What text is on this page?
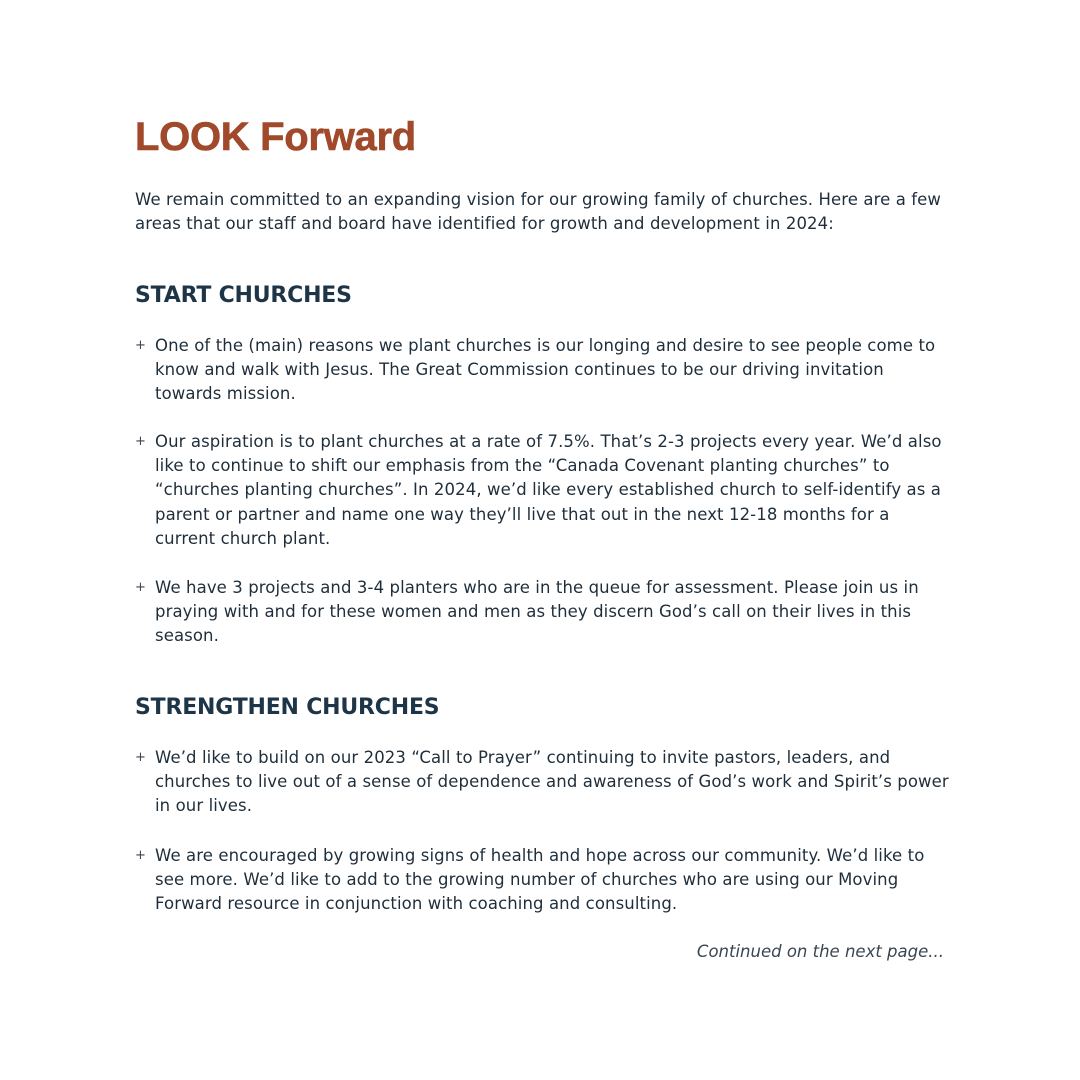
LOOK Forward

We remain committed to an expanding vision for our growing family of churches. Here are a few areas that our staff and board have identified for growth and development in 2024:

START CHURCHES
+ One of the (main) reasons we plant churches is our longing and desire to see people come to know and walk with Jesus. The Great Commission continues to be our driving invitation towards mission.
+ Our aspiration is to plant churches at a rate of 7.5%. That’s 2-3 projects every year. We’d also like to continue to shift our emphasis from the “Canada Covenant planting churches” to “churches planting churches”. In 2024, we’d like every established church to self-identify as a parent or partner and name one way they’ll live that out in the next 12-18 months for a current church plant.
+ We have 3 projects and 3-4 planters who are in the queue for assessment. Please join us in praying with and for these women and men as they discern God’s call on their lives in this season.
STRENGTHEN CHURCHES
+ We’d like to build on our 2023 “Call to Prayer” continuing to invite pastors, leaders, and churches to live out of a sense of dependence and awareness of God’s work and Spirit’s power in our lives.
+ We are encouraged by growing signs of health and hope across our community. We’d like to see more. We’d like to add to the growing number of churches who are using our Moving Forward resource in conjunction with coaching and consulting.

Continued on the next page...
